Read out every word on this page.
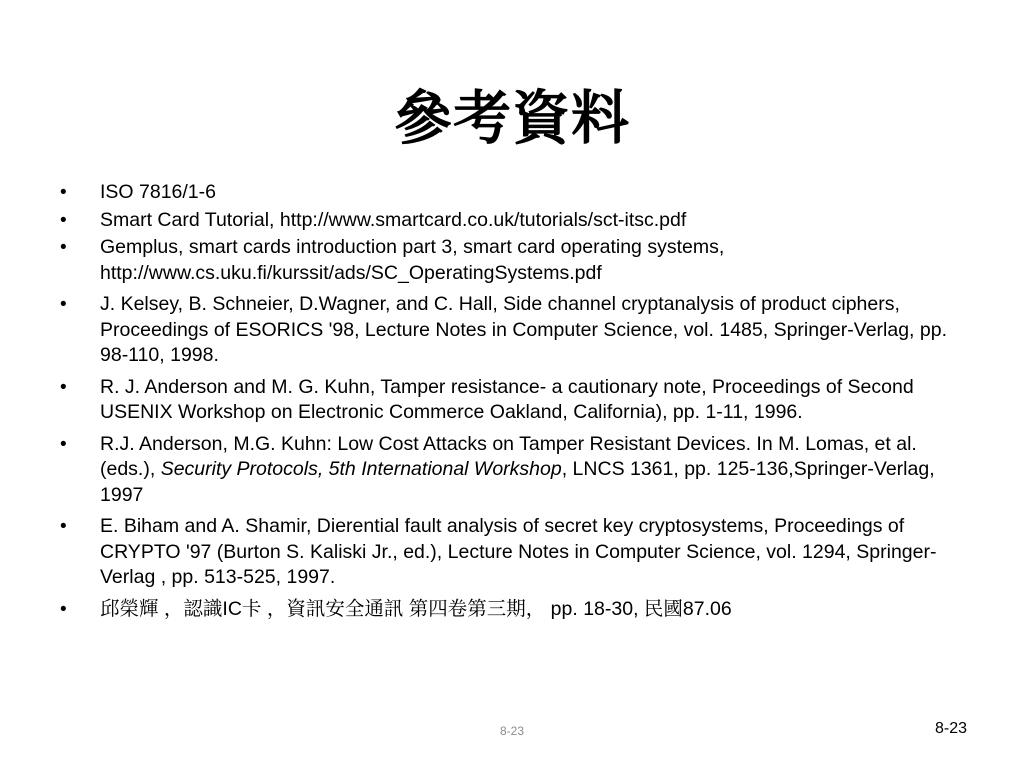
參考資料
•	ISO 7816/1-6
•	Smart Card Tutorial, http://www.smartcard.co.uk/tutorials/sct-itsc.pdf
•	Gemplus, smart cards introduction part 3, smart card operating systems, http://www.cs.uku.fi/kurssit/ads/SC_OperatingSystems.pdf
•	J. Kelsey, B. Schneier, D.Wagner, and C. Hall, Side channel cryptanalysis of product ciphers, Proceedings of ESORICS '98, Lecture Notes in Computer Science, vol. 1485, Springer-Verlag, pp. 98-110, 1998.
•	R. J. Anderson and M. G. Kuhn, Tamper resistance- a cautionary note, Proceedings of Second USENIX Workshop on Electronic Commerce Oakland, California), pp. 1-11, 1996.
•	R.J. Anderson, M.G. Kuhn: Low Cost Attacks on Tamper Resistant Devices. In M. Lomas, et al. (eds.), Security Protocols, 5th International Workshop, LNCS 1361, pp. 125-136,Springer-Verlag, 1997
•	E. Biham and A. Shamir, Dierential fault analysis of secret key cryptosystems, Proceedings of CRYPTO '97 (Burton S. Kaliski Jr., ed.), Lecture Notes in Computer Science, vol. 1294, Springer-Verlag , pp. 513-525, 1997.
•	邱榮輝 ，認識IC卡 ，資訊安全通訊 第四卷第三期， pp. 18-30, 民國87.06
8-23	8-23
